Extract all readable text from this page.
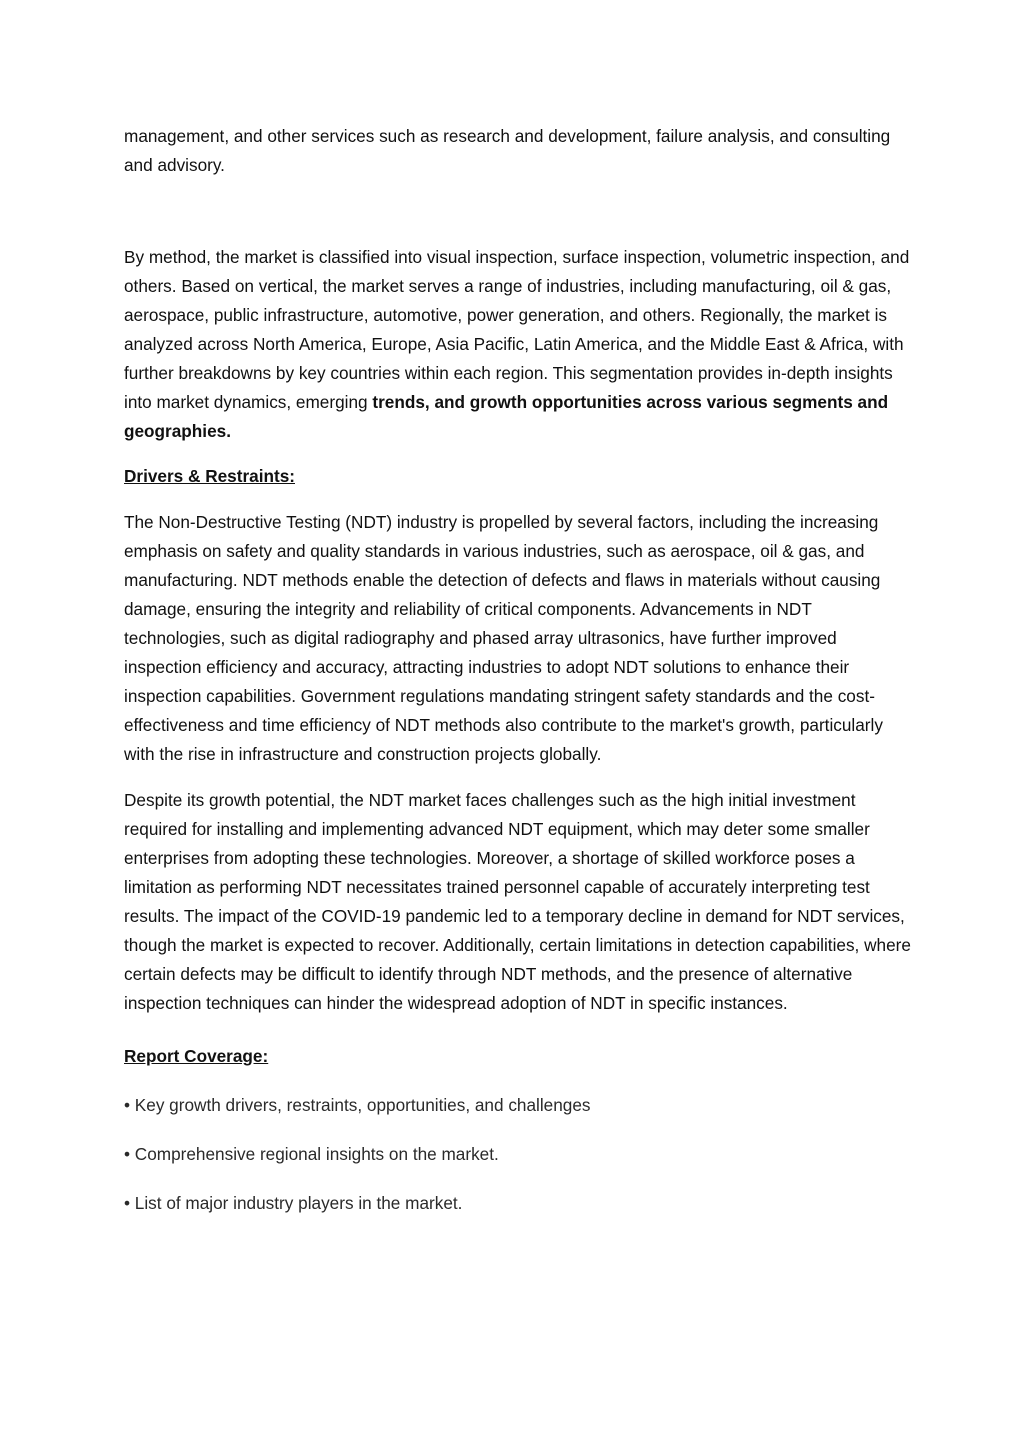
management, and other services such as research and development, failure analysis, and consulting and advisory.

By method, the market is classified into visual inspection, surface inspection, volumetric inspection, and others. Based on vertical, the market serves a range of industries, including manufacturing, oil & gas, aerospace, public infrastructure, automotive, power generation, and others. Regionally, the market is analyzed across North America, Europe, Asia Pacific, Latin America, and the Middle East & Africa, with further breakdowns by key countries within each region. This segmentation provides in-depth insights into market dynamics, emerging trends, and growth opportunities across various segments and geographies.

Drivers & Restraints:

The Non-Destructive Testing (NDT) industry is propelled by several factors, including the increasing emphasis on safety and quality standards in various industries, such as aerospace, oil & gas, and manufacturing. NDT methods enable the detection of defects and flaws in materials without causing damage, ensuring the integrity and reliability of critical components. Advancements in NDT technologies, such as digital radiography and phased array ultrasonics, have further improved inspection efficiency and accuracy, attracting industries to adopt NDT solutions to enhance their inspection capabilities. Government regulations mandating stringent safety standards and the cost-effectiveness and time efficiency of NDT methods also contribute to the market's growth, particularly with the rise in infrastructure and construction projects globally.

Despite its growth potential, the NDT market faces challenges such as the high initial investment required for installing and implementing advanced NDT equipment, which may deter some smaller enterprises from adopting these technologies. Moreover, a shortage of skilled workforce poses a limitation as performing NDT necessitates trained personnel capable of accurately interpreting test results. The impact of the COVID-19 pandemic led to a temporary decline in demand for NDT services, though the market is expected to recover. Additionally, certain limitations in detection capabilities, where certain defects may be difficult to identify through NDT methods, and the presence of alternative inspection techniques can hinder the widespread adoption of NDT in specific instances.

Report Coverage:

• Key growth drivers, restraints, opportunities, and challenges
• Comprehensive regional insights on the market.
• List of major industry players in the market.
